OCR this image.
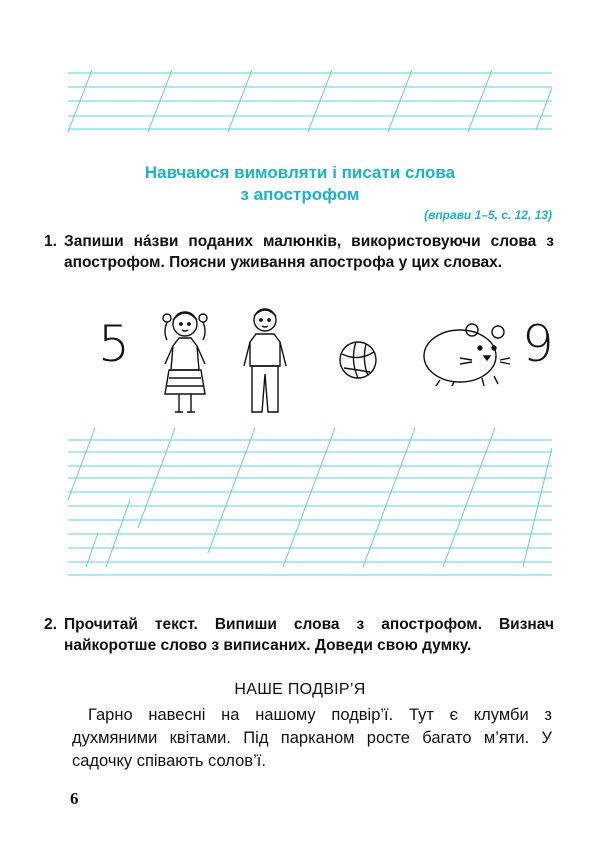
Навчаюся вимовляти і писати слова
з апострофом
(вправи 1–5, с. 12, 13)
1. Запиши нáзви поданих малюнків, використовуючи слова з апострофом. Поясни уживання апострофа у цих словах.
5	9
2. Прочитай текст. Випиши слова з апострофом. Визнач найкоротше слово з виписаних. Доведи свою думку.
НАШЕ ПОДВІР’Я
Гарно навесні на нашому подвір’ї. Тут є клумби з духмяними квітами. Під парканом росте багато м’яти. У садочку співають солов’ї.
6
